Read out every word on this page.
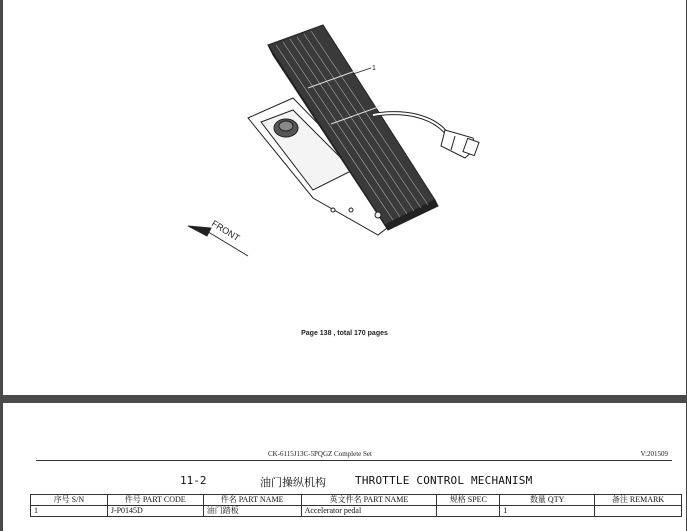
1
FRONT
Page 138 , total 170 pages
CK-6115J13C-5PQGZ Complete Set	V:201509
11-2	油门操纵机构	THROTTLE CONTROL MECHANISM
序号 S/N	件号 PART CODE	件名 PART NAME	英文件名 PART NAME	规格 SPEC	数量 QTY	备注 REMARK
1	J-P0145D	油门踏板	Accelerator pedal		1	
